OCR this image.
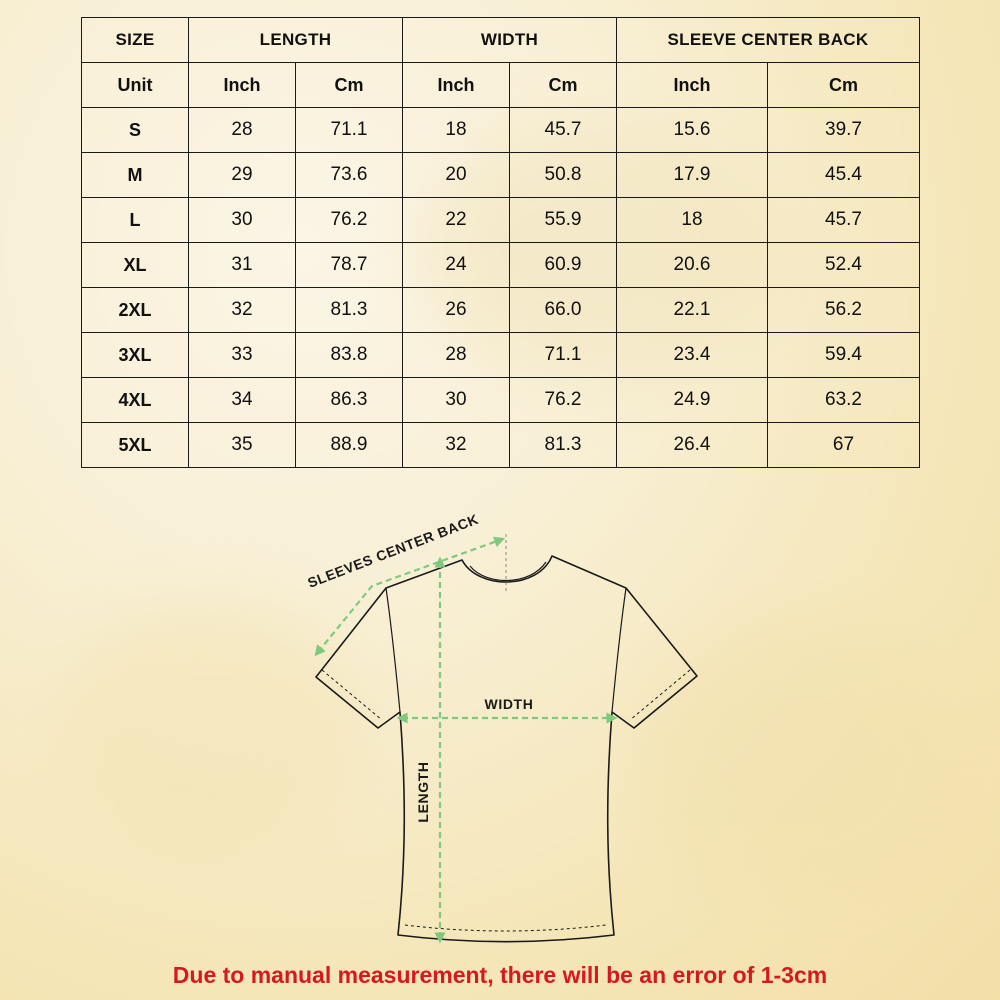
SIZE	LENGTH		WIDTH		SLEEVE CENTER BACK	
Unit	Inch	Cm	Inch	Cm	Inch	Cm
S	28	71.1	18	45.7	15.6	39.7
M	29	73.6	20	50.8	17.9	45.4
L	30	76.2	22	55.9	18	45.7
XL	31	78.7	24	60.9	20.6	52.4
2XL	32	81.3	26	66.0	22.1	56.2
3XL	33	83.8	28	71.1	23.4	59.4
4XL	34	86.3	30	76.2	24.9	63.2
5XL	35	88.9	32	81.3	26.4	67
SLEEVES CENTER BACK
WIDTH
LENGTH
Due to manual measurement, there will be an error of 1-3cm
